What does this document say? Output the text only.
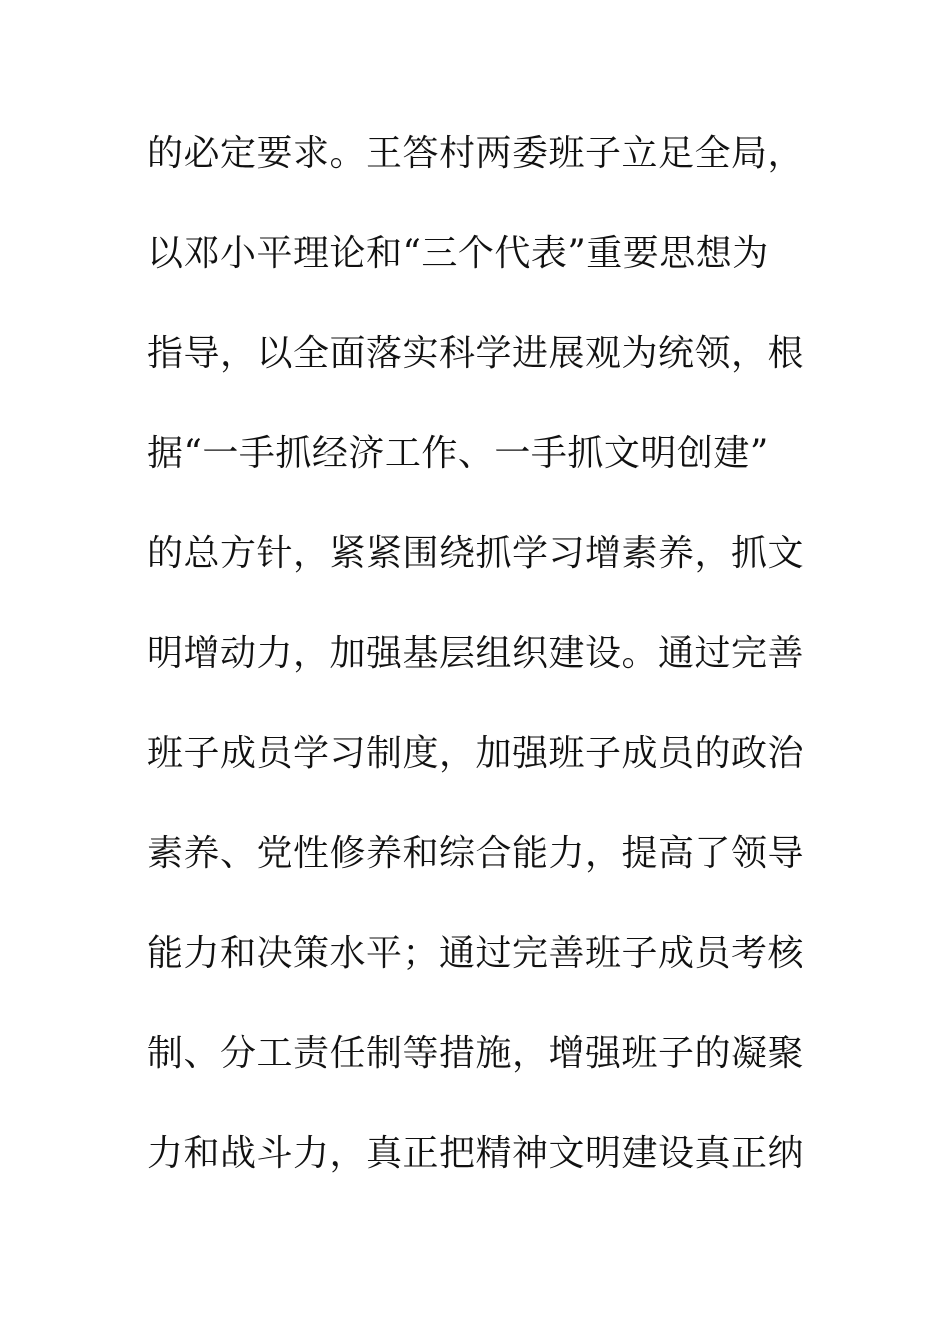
的必定要求。王答村两委班子立足全局，
以邓小平理论和“三个代表”重要思想为
指导，以全面落实科学进展观为统领，根
据“一手抓经济工作、一手抓文明创建”
的总方针，紧紧围绕抓学习增素养，抓文
明增动力，加强基层组织建设。通过完善
班子成员学习制度，加强班子成员的政治
素养、党性修养和综合能力，提高了领导
能力和决策水平；通过完善班子成员考核
制、分工责任制等措施，增强班子的凝聚
力和战斗力，真正把精神文明建设真正纳
